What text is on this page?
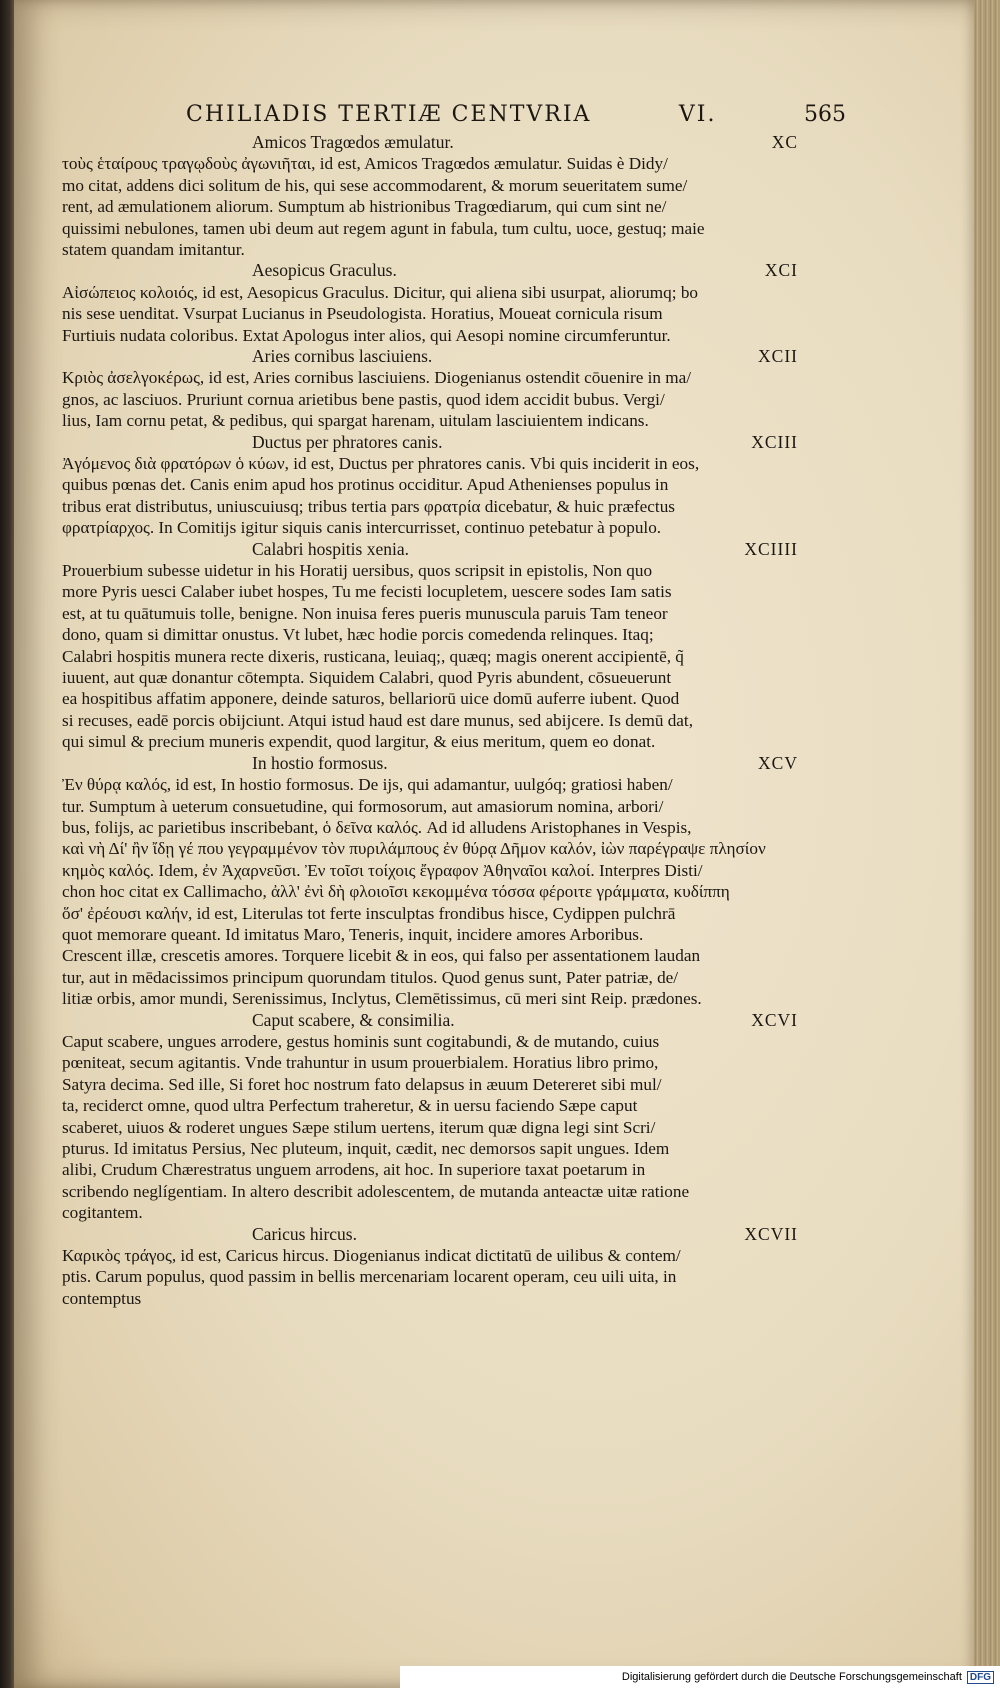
CHILIADIS TERTIÆ CENTVRIA	VI.	565
Amicos Tragœdos æmulatur.	XC
τοὺς ἑταίρους τραγῳδοὺς ἀγωνιῆται, id est, Amicos Tragœdos æmulatur. Suidas è Didy/
mo citat, addens dici solitum de his, qui sese accommodarent, & morum seueritatem sume/
rent, ad æmulationem aliorum. Sumptum ab histrionibus Tragœdiarum, qui cum sint ne/
quissimi nebulones, tamen ubi deum aut regem agunt in fabula, tum cultu, uoce, gestuq; maie
statem quandam imitantur.
Aesopicus Graculus.	XCI
Αἰσώπειος κολοιός, id est, Aesopicus Graculus. Dicitur, qui aliena sibi usurpat, aliorumq; bo
nis sese uenditat. Vsurpat Lucianus in Pseudologista. Horatius, Moueat cornicula risum
Furtiuis nudata coloribus. Extat Apologus inter alios, qui Aesopi nomine circumferuntur.
Aries cornibus lasciuiens.	XCII
Κριὸς ἀσελγοκέρως, id est, Aries cornibus lasciuiens. Diogenianus ostendit cōuenire in ma/
gnos, ac lasciuos. Pruriunt cornua arietibus bene pastis, quod idem accidit bubus. Vergi/
lius, Iam cornu petat, & pedibus, qui spargat harenam, uitulam lasciuientem indicans.
Ductus per phratores canis.	XCIII
Ἀγόμενος διὰ φρατόρων ὁ κύων, id est, Ductus per phratores canis. Vbi quis inciderit in eos,
quibus pœnas det. Canis enim apud hos protinus occiditur. Apud Athenienses populus in
tribus erat distributus, uniuscuiusq; tribus tertia pars φρατρία dicebatur, & huic præfectus
φρατρίαρχος. In Comitijs igitur siquis canis intercurrisset, continuo petebatur à populo.
Calabri hospitis xenia.	XCIIII
Prouerbium subesse uidetur in his Horatij uersibus, quos scripsit in epistolis, Non quo
more Pyris uesci Calaber iubet hospes, Tu me fecisti locupletem, uescere sodes Iam satis
est, at tu quātumuis tolle, benigne. Non inuisa feres pueris munuscula paruis Tam teneor
dono, quam si dimittar onustus. Vt lubet, hæc hodie porcis comedenda relinques. Itaq;
Calabri hospitis munera recte dixeris, rusticana, leuiaq;, quæq; magis onerent accipientē, q̃
iuuent, aut quæ donantur cōtempta. Siquidem Calabri, quod Pyris abundent, cōsueuerunt
ea hospitibus affatim apponere, deinde saturos, bellariorū uice domū auferre iubent. Quod
si recuses, eadē porcis obijciunt. Atqui istud haud est dare munus, sed abijcere. Is demū dat,
qui simul & precium muneris expendit, quod largitur, & eius meritum, quem eo donat.
In hostio formosus.	XCV
Ἐν θύρᾳ καλός, id est, In hostio formosus. De ijs, qui adamantur, uulgóq; gratiosi haben/
tur. Sumptum à ueterum consuetudine, qui formosorum, aut amasiorum nomina, arbori/
bus, folijs, ac parietibus inscribebant, ὁ δεῖνα καλός. Ad id alludens Aristophanes in Vespis,
καὶ νὴ Δί' ἢν ἴδῃ γέ που γεγραμμένον τὸν πυριλάμπους ἐν θύρᾳ Δῆμον καλόν, ἰὼν παρέγραψε πλησίον
κημὸς καλός. Idem, ἐν Ἀχαρνεῦσι. Ἐν τοῖσι τοίχοις ἔγραφον Ἀθηναῖοι καλοί. Interpres Disti/
chon hoc citat ex Callimacho, ἀλλ' ἐνὶ δὴ φλοιοῖσι κεκομμένα τόσσα φέροιτε γράμματα, κυδίππη
ὅσ' ἐρέουσι καλήν, id est, Literulas tot ferte insculptas frondibus hisce, Cydippen pulchrā
quot memorare queant. Id imitatus Maro, Teneris, inquit, incidere amores Arboribus.
Crescent illæ, crescetis amores. Torquere licebit & in eos, qui falso per assentationem laudan
tur, aut in mēdacissimos principum quorundam titulos. Quod genus sunt, Pater patriæ, de/
litiæ orbis, amor mundi, Serenissimus, Inclytus, Clemētissimus, cū meri sint Reip. prædones.
Caput scabere, & consimilia.	XCVI
Caput scabere, ungues arrodere, gestus hominis sunt cogitabundi, & de mutando, cuius
pœniteat, secum agitantis. Vnde trahuntur in usum prouerbialem. Horatius libro primo,
Satyra decima. Sed ille, Si foret hoc nostrum fato delapsus in æuum Detereret sibi mul/
ta, reciderct omne, quod ultra Perfectum traheretur, & in uersu faciendo Sæpe caput
scaberet, uiuos & roderet ungues Sæpe stilum uertens, iterum quæ digna legi sint Scri/
pturus. Id imitatus Persius, Nec pluteum, inquit, cædit, nec demorsos sapit ungues. Idem
alibi, Crudum Chærestratus unguem arrodens, ait hoc. In superiore taxat poetarum in
scribendo neglígentiam. In altero describit adolescentem, de mutanda anteactæ uitæ ratione
cogitantem.
Caricus hircus.	XCVII
Καρικὸς τράγος, id est, Caricus hircus. Diogenianus indicat dictitatū de uilibus & contem/
ptis. Carum populus, quod passim in bellis mercenariam locarent operam, ceu uili uita, in
contemptus
Digitalisierung gefördert durch die Deutsche Forschungsgemeinschaft DFG
